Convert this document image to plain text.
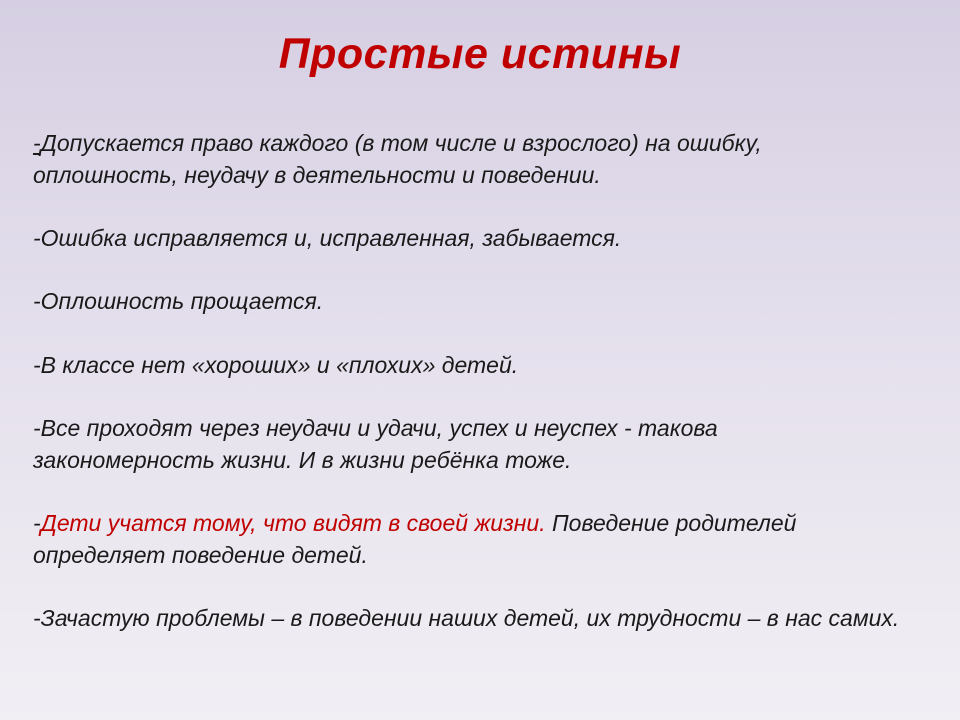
Простые истины

-Допускается право каждого (в том числе и взрослого) на ошибку, оплошность, неудачу в деятельности и поведении.

-Ошибка исправляется и, исправленная, забывается.

-Оплошность прощается.

-В классе нет «хороших» и «плохих» детей.

-Все проходят через неудачи и удачи, успех и неуспех - такова закономерность жизни. И в жизни ребёнка тоже.

-Дети учатся тому, что видят в своей жизни. Поведение родителей определяет поведение детей.

-Зачастую проблемы – в поведении наших детей, их трудности – в нас самих.
